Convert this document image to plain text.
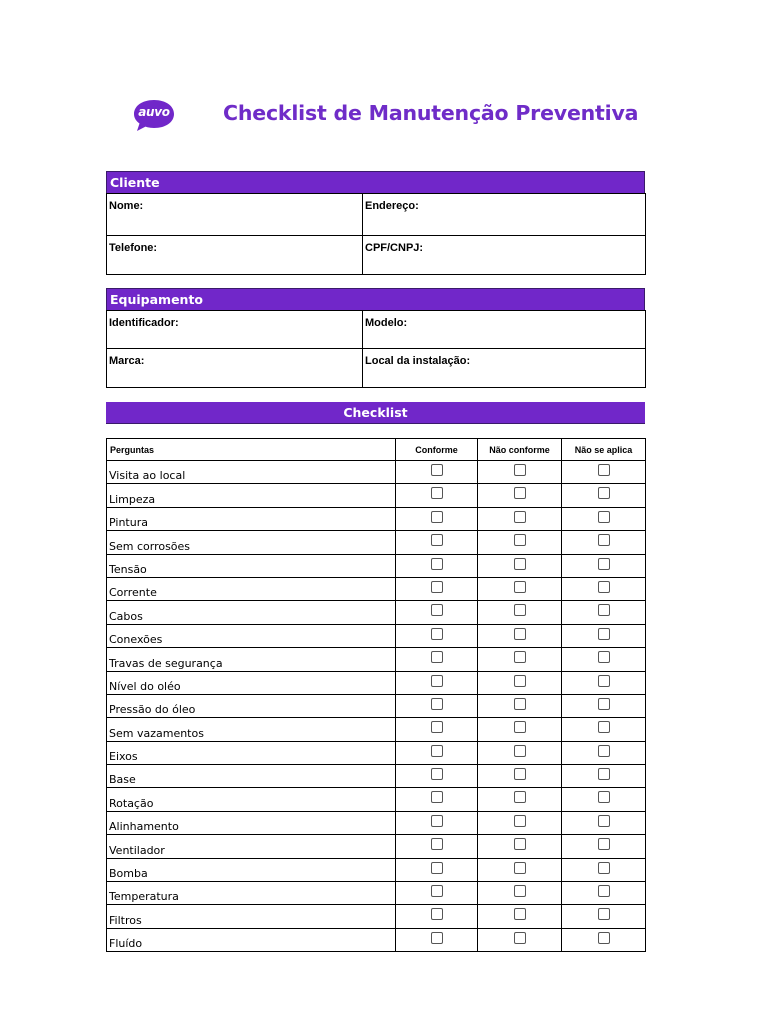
auvo	Checklist de Manutenção Preventiva
Cliente
Nome:	Endereço:
Telefone:	CPF/CNPJ:
Equipamento
Identificador:	Modelo:
Marca:	Local da instalação:
Checklist
Perguntas	Conforme	Não conforme	Não se aplica
Visita ao local			
Limpeza			
Pintura			
Sem corrosões			
Tensão			
Corrente			
Cabos			
Conexões			
Travas de segurança			
Nível do oléo			
Pressão do óleo			
Sem vazamentos			
Eixos			
Base			
Rotação			
Alinhamento			
Ventilador			
Bomba			
Temperatura			
Filtros			
Fluído			
